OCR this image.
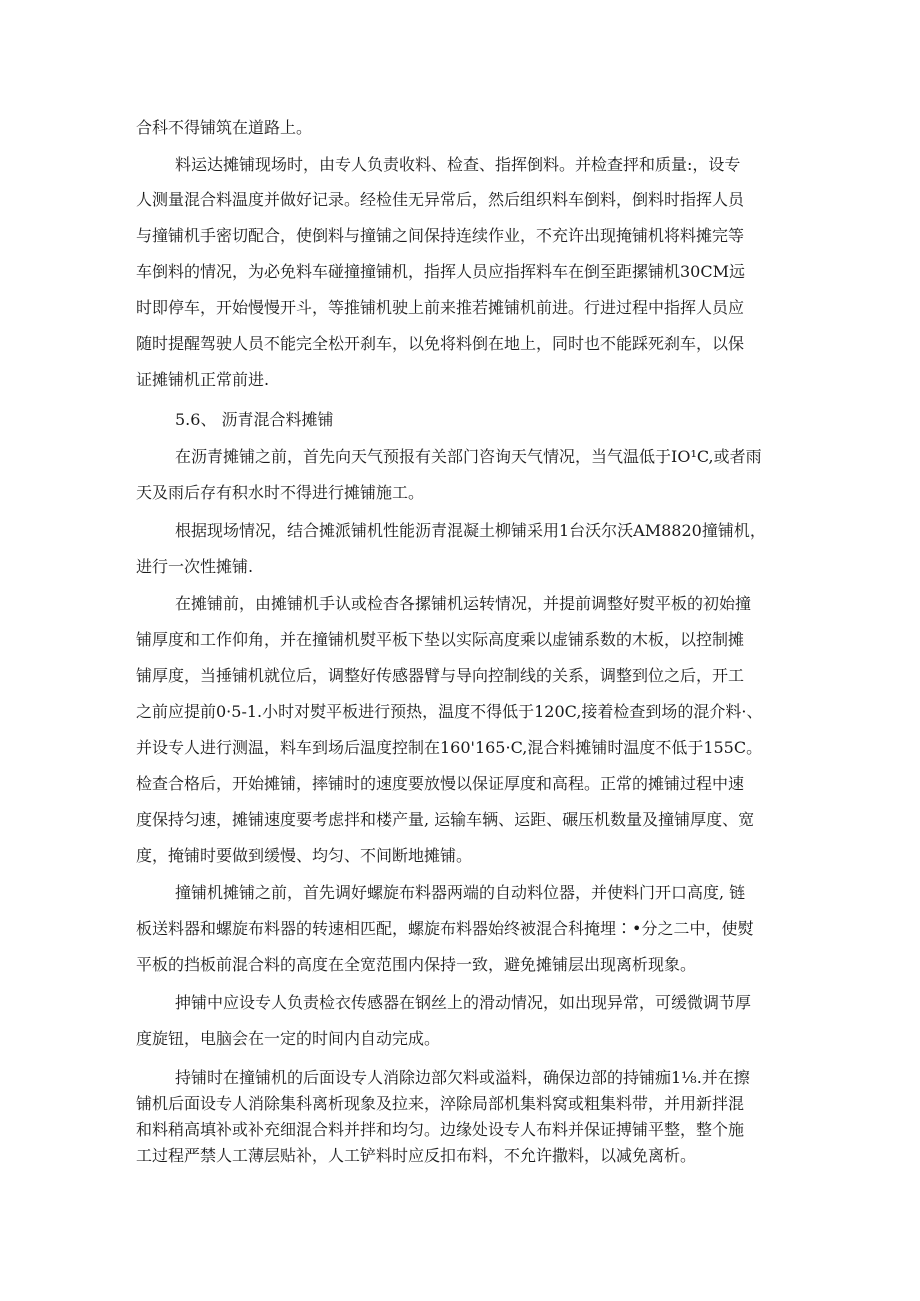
合科不得铺筑在道路上。
料运达摊铺现场时，由专人负责收料、检查、指挥倒料。并检查抨和质量:，设专
人测量混合料温度并做好记录。经检佳无异常后，然后组织料车倒料，倒料时指挥人员
与撞铺机手密切配合，使倒料与撞铺之间保持连续作业，不充许出现掩铺机将料摊完等
车倒料的情况，为必免料车碰撞撞铺机，指挥人员应指挥料车在倒至距摞铺机30CM远
时即停车，开始慢慢开斗，等推铺机驶上前来推若摊铺机前进。行进过程中指挥人员应
随时提醒驾驶人员不能完全松开刹车，以免将料倒在地上，同时也不能踩死刹车，以保
证摊铺机正常前进.
5.6、 沥青混合料摊铺
在沥青摊铺之前，首先向天气预报有关部门咨询天气情况，当气温低于IO¹C,或者雨
天及雨后存有积水时不得进行摊铺施工。
根据现场情况，结合摊派铺机性能沥青混凝土柳铺采用1台沃尔沃AM8820撞铺机，
进行一次性摊铺.
在摊铺前，由摊铺机手认或检杳各摞铺机运转情况，并提前调整好熨平板的初始撞
铺厚度和工作仰角，并在撞铺机熨平板下垫以实际高度乘以虚铺系数的木板，以控制摊
铺厚度，当捶铺机就位后，调整好传感器臂与导向控制线的关系，调整到位之后，开工
之前应提前0·5-1.小时对熨平板进行预热，温度不得低于120C,接着检查到场的混介料·、
并设专人进行测温，料车到场后温度控制在160'165·C,混合料摊铺时温度不低于155C。
检查合格后，开始摊铺，摔铺时的速度要放慢以保证厚度和高程。正常的摊铺过程中速
度保持匀速，摊铺速度要考虑拌和楼产量, 运输车辆、运距、碾压机数量及撞铺厚度、宽
度，掩铺时要做到缓慢、均匀、不间断地摊铺。
撞铺机摊铺之前，首先调好螺旋布料器两端的自动料位器，并使料门开口高度, 链
板送料器和螺旋布料器的转速相匹配，螺旋布料器始终被混合科掩埋∶•分之二中，使熨
平板的挡板前混合料的高度在全宽范围内保持一致，避免摊铺层出现离析现象。
抻铺中应设专人负责检衣传感器在钢丝上的滑动情况，如出现异常，可缓微调节厚
度旋钮，电脑会在一定的时间内自动完成。
持铺时在撞铺机的后面设专人消除边部欠料或溢料，确保边部的持铺痂1⅛.并在擦
铺机后面设专人消除集科离析现象及拉来，淬除局部机集料窝或粗集料带，并用新拌混
和料稍高填补或补充细混合料并拌和均匀。边缘处设专人布料并保证搏铺平整，整个施
工过程严禁人工薄层贴补，人工铲料时应反扣布料，不允许撒料，以减免离析。
